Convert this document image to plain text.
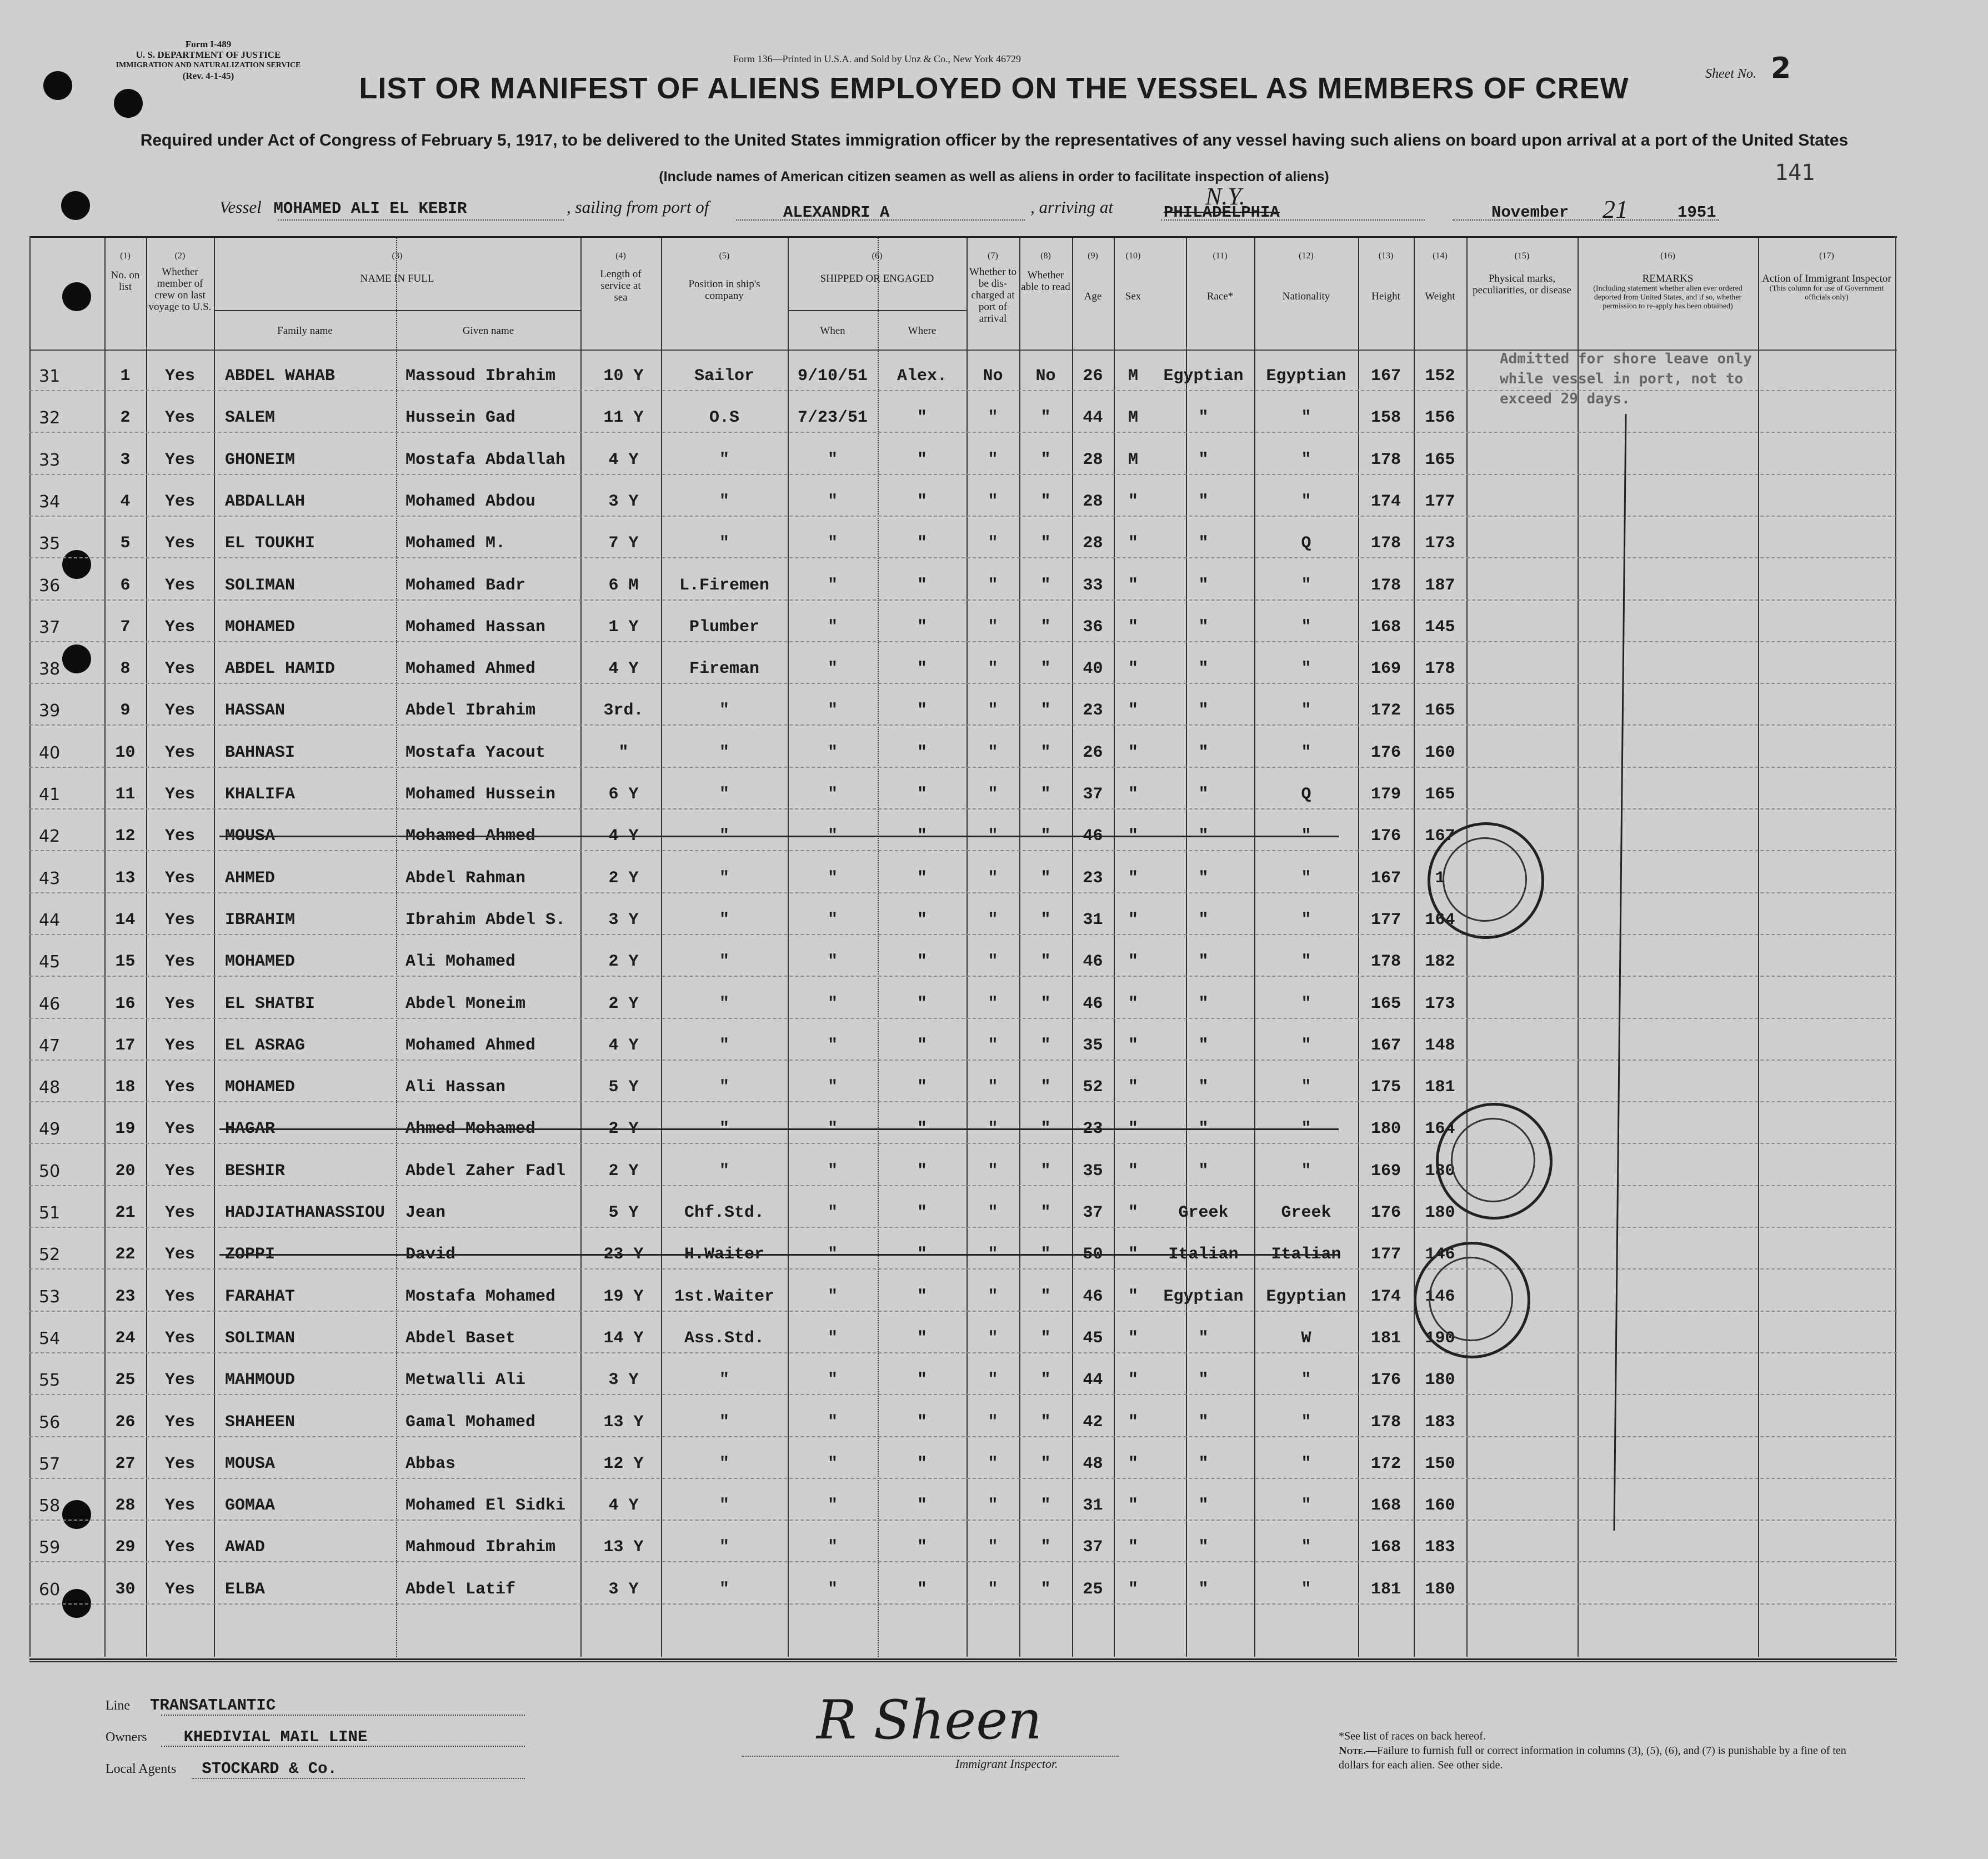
Form I-489
U. S. DEPARTMENT OF JUSTICE
IMMIGRATION AND NATURALIZATION SERVICE
(Rev. 4-1-45)
Form 136—Printed in U.S.A. and Sold by Unz & Co., New York 46729
Sheet No. 2
LIST OR MANIFEST OF ALIENS EMPLOYED ON THE VESSEL AS MEMBERS OF CREW
Required under Act of Congress of February 5, 1917, to be delivered to the United States immigration officer by the representatives of any vessel having such aliens on board upon arrival at a port of the United States
(Include names of American citizen seamen as well as aliens in order to facilitate inspection of aliens)	141
Vessel MOHAMED ALI EL KEBIR	, sailing from port of	ALEXANDRI A	, arriving at	PHILADELPHIA
N.Y.
November 21	1951
(1)
No. on list
(2)
Whether member of crew on last voyage to U.S.
(3)
NAME IN FULL
Family name	Given name
(4)
Length of service at sea
(5)
Position in ship's company
(6)
SHIPPED OR ENGAGED
When	Where
(7)
Whether to be dis-charged at port of arrival
(8)
Whether able to read
(9)
Age
(10)
Sex
(11)
Race*
(12)
Nationality
(13)
Height
(14)
Weight
(15)
Physical marks, peculiarities, or disease
(16)
REMARKS
(Including statement whether alien ever ordered deported from United States, and if so, whether permission to re-apply has been obtained)
(17)
Action of Immigrant Inspector
(This column for use of Government officials only)
31	1	Yes	ABDEL WAHAB	Massoud Ibrahim	10 Y	Sailor	9/10/51	Alex.	No	No	26	M	Egyptian	Egyptian	167	152
32	2	Yes	SALEM	Hussein Gad	11 Y	O.S	7/23/51	"	"	"	44	M	"	"	158	156
33	3	Yes	GHONEIM	Mostafa Abdallah	4 Y	"	"	"	"	"	28	M	"	"	178	165
34	4	Yes	ABDALLAH	Mohamed Abdou	3 Y	"	"	"	"	"	28	"	"	"	174	177
35	5	Yes	EL TOUKHI	Mohamed M.	7 Y	"	"	"	"	"	28	"	"	Q	178	173
36	6	Yes	SOLIMAN	Mohamed Badr	6 M	L.Firemen	"	"	"	"	33	"	"	"	178	187
37	7	Yes	MOHAMED	Mohamed Hassan	1 Y	Plumber	"	"	"	"	36	"	"	"	168	145
38	8	Yes	ABDEL HAMID	Mohamed Ahmed	4 Y	Fireman	"	"	"	"	40	"	"	"	169	178
39	9	Yes	HASSAN	Abdel Ibrahim	3rd.	"	"	"	"	"	23	"	"	"	172	165
40	10	Yes	BAHNASI	Mostafa Yacout	"	"	"	"	"	"	26	"	"	"	176	160
41	11	Yes	KHALIFA	Mohamed Hussein	6 Y	"	"	"	"	"	37	"	"	Q	179	165
42	12	Yes	MOUSA	Mohamed Ahmed	4 Y	"	"	"	"	"	46	"	"	"	176	167
43	13	Yes	AHMED	Abdel Rahman	2 Y	"	"	"	"	"	23	"	"	"	167	1
44	14	Yes	IBRAHIM	Ibrahim Abdel S.	3 Y	"	"	"	"	"	31	"	"	"	177	164
45	15	Yes	MOHAMED	Ali Mohamed	2 Y	"	"	"	"	"	46	"	"	"	178	182
46	16	Yes	EL SHATBI	Abdel Moneim	2 Y	"	"	"	"	"	46	"	"	"	165	173
47	17	Yes	EL ASRAG	Mohamed Ahmed	4 Y	"	"	"	"	"	35	"	"	"	167	148
48	18	Yes	MOHAMED	Ali Hassan	5 Y	"	"	"	"	"	52	"	"	"	175	181
49	19	Yes	HAGAR	Ahmed Mohamed	2 Y	"	"	"	"	"	23	"	"	"	180	164
50	20	Yes	BESHIR	Abdel Zaher Fadl	2 Y	"	"	"	"	"	35	"	"	"	169	180
51	21	Yes	HADJIATHANASSIOU Jean	5 Y	Chf.Std.	"	"	"	"	37	"	Greek	Greek	176	180
52	22	Yes	ZOPPI	David	23 Y	H.Waiter	"	"	"	"	50	"	Italian	Italian	177	146
53	23	Yes	FARAHAT	Mostafa Mohamed	19 Y	1st.Waiter	"	"	"	"	46	"	Egyptian	Egyptian	174	146
54	24	Yes	SOLIMAN	Abdel Baset	14 Y	Ass.Std.	"	"	"	"	45	"	"	W	181	190
55	25	Yes	MAHMOUD	Metwalli Ali	3 Y	"	"	"	"	"	44	"	"	"	176	180
56	26	Yes	SHAHEEN	Gamal Mohamed	13 Y	"	"	"	"	"	42	"	"	"	178	183
57	27	Yes	MOUSA	Abbas	12 Y	"	"	"	"	"	48	"	"	"	172	150
58	28	Yes	GOMAA	Mohamed El Sidki	4 Y	"	"	"	"	"	31	"	"	"	168	160
59	29	Yes	AWAD	Mahmoud Ibrahim	13 Y	"	"	"	"	"	37	"	"	"	168	183
60	30	Yes	ELBA	Abdel Latif	3 Y	"	"	"	"	"	25	"	"	"	181	180
Admitted for shore leave only
while vessel in port, not to
exceed 29 days.
Line TRANSATLANTIC
Owners KHEDIVIAL MAIL LINE
Local Agents STOCKARD & Co.
R Sheen
Immigrant Inspector.
*See list of races on back hereof.
Note.—Failure to furnish full or correct information in columns (3), (5), (6), and (7) is punishable by a fine of ten dollars for each alien. See other side.
